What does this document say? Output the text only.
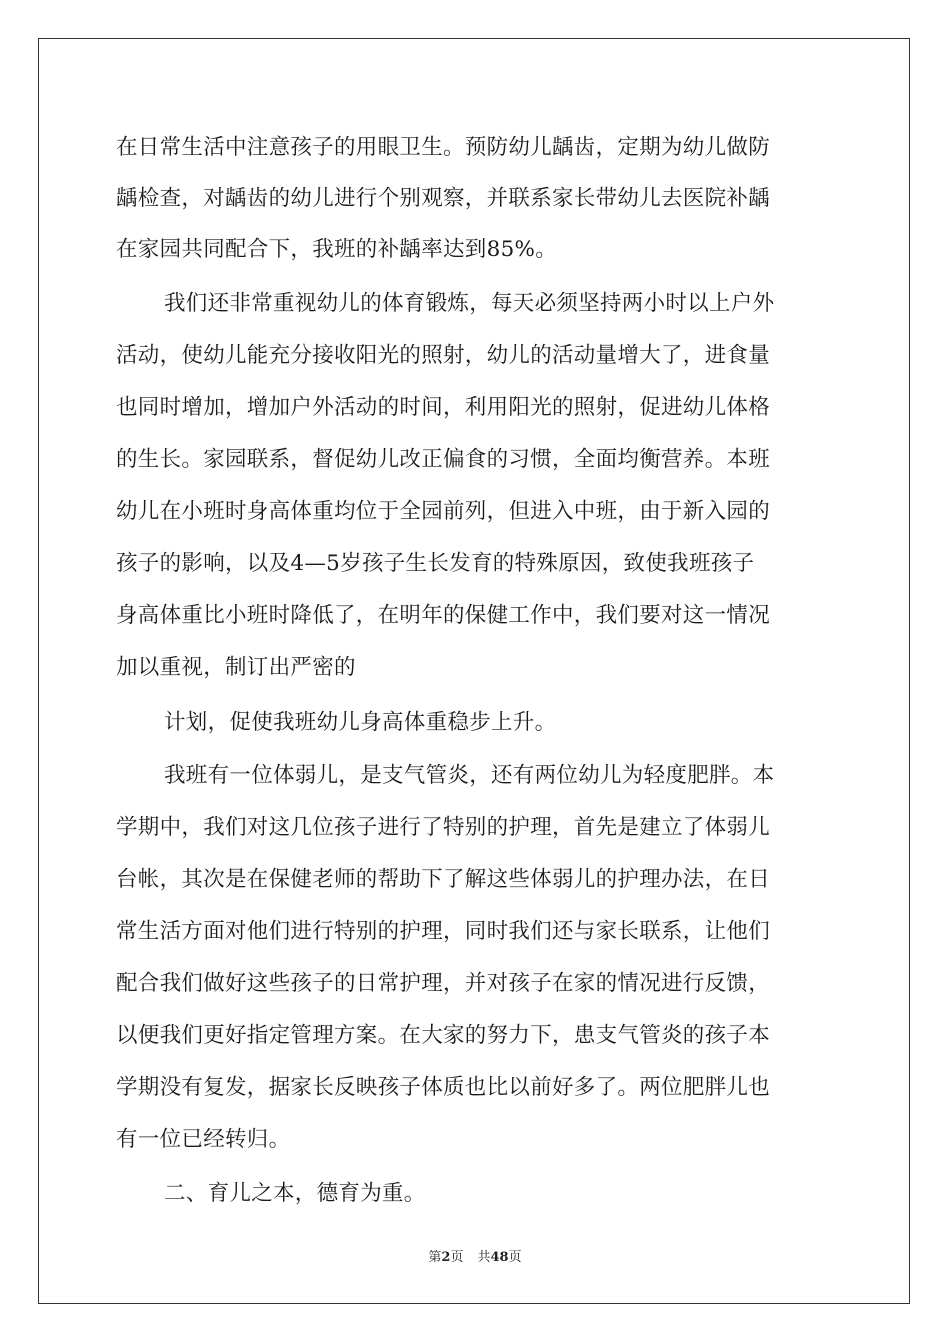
在日常生活中注意孩子的用眼卫生。预防幼儿龋齿，定期为幼儿做防
龋检查，对龋齿的幼儿进行个别观察，并联系家长带幼儿去医院补龋
在家园共同配合下，我班的补龋率达到85%。
我们还非常重视幼儿的体育锻炼，每天必须坚持两小时以上户外
活动，使幼儿能充分接收阳光的照射，幼儿的活动量增大了，进食量
也同时增加，增加户外活动的时间，利用阳光的照射，促进幼儿体格
的生长。家园联系，督促幼儿改正偏食的习惯，全面均衡营养。本班
幼儿在小班时身高体重均位于全园前列，但进入中班，由于新入园的
孩子的影响，以及4—5岁孩子生长发育的特殊原因，致使我班孩子
身高体重比小班时降低了，在明年的保健工作中，我们要对这一情况
加以重视，制订出严密的
计划，促使我班幼儿身高体重稳步上升。
我班有一位体弱儿，是支气管炎，还有两位幼儿为轻度肥胖。本
学期中，我们对这几位孩子进行了特别的护理，首先是建立了体弱儿
台帐，其次是在保健老师的帮助下了解这些体弱儿的护理办法，在日
常生活方面对他们进行特别的护理，同时我们还与家长联系，让他们
配合我们做好这些孩子的日常护理，并对孩子在家的情况进行反馈，
以便我们更好指定管理方案。在大家的努力下，患支气管炎的孩子本
学期没有复发，据家长反映孩子体质也比以前好多了。两位肥胖儿也
有一位已经转归。
二、育儿之本，德育为重。
第2页 共48页
